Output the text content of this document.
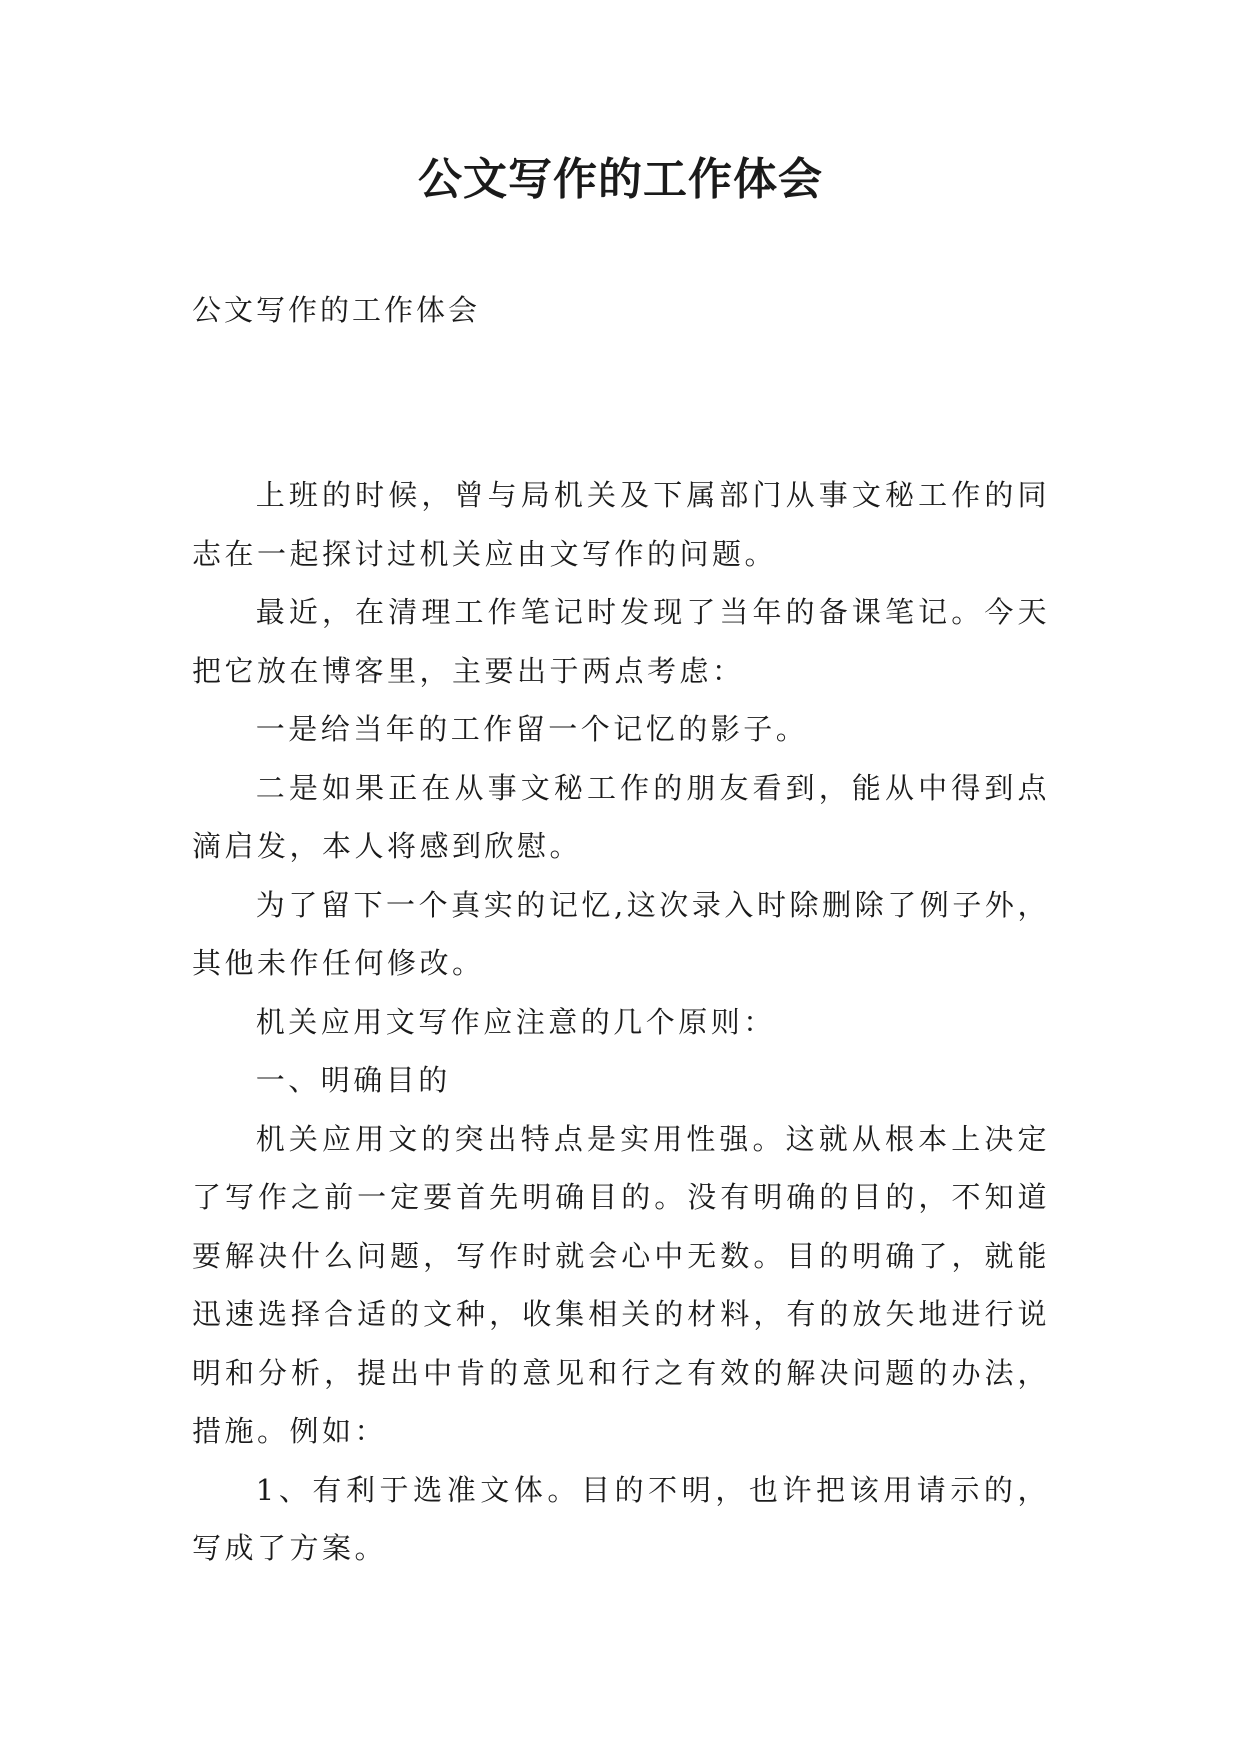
公文写作的工作体会
公文写作的工作体会

上班的时候，曾与局机关及下属部门从事文秘工作的同志在一起探讨过机关应由文写作的问题。

最近，在清理工作笔记时发现了当年的备课笔记。今天把它放在博客里，主要出于两点考虑：

一是给当年的工作留一个记忆的影子。

二是如果正在从事文秘工作的朋友看到，能从中得到点滴启发，本人将感到欣慰。

为了留下一个真实的记忆,这次录入时除删除了例子外，其他未作任何修改。

机关应用文写作应注意的几个原则：

一、明确目的

机关应用文的突出特点是实用性强。这就从根本上决定了写作之前一定要首先明确目的。没有明确的目的，不知道要解决什么问题，写作时就会心中无数。目的明确了，就能迅速选择合适的文种，收集相关的材料，有的放矢地进行说明和分析，提出中肯的意见和行之有效的解决问题的办法，措施。例如：

1、有利于选准文体。目的不明，也许把该用请示的，写成了方案。
